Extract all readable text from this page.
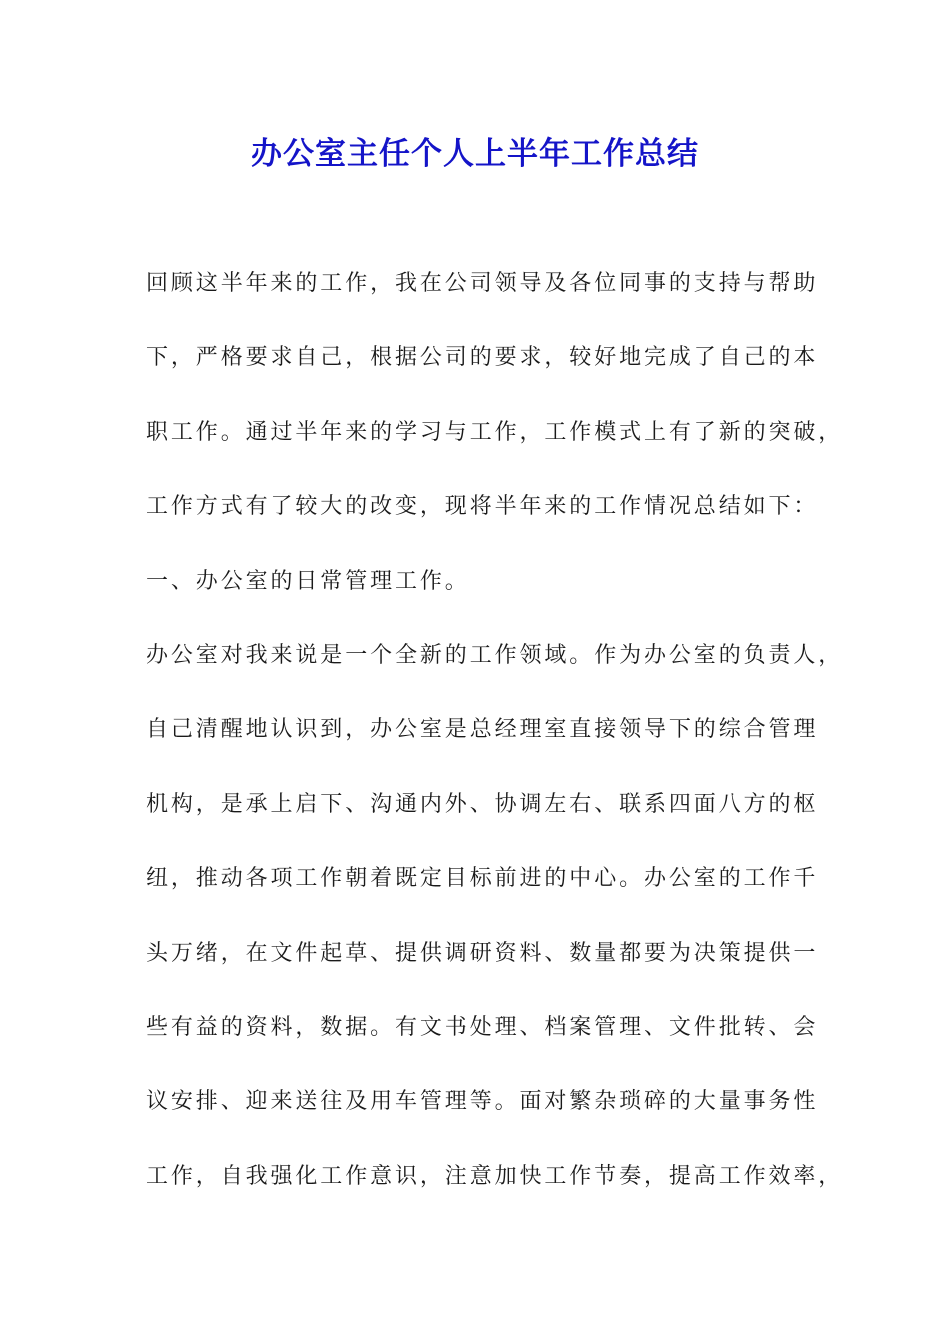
办公室主任个人上半年工作总结

回顾这半年来的工作，我在公司领导及各位同事的支持与帮助

下，严格要求自己，根据公司的要求，较好地完成了自己的本

职工作。通过半年来的学习与工作，工作模式上有了新的突破，

工作方式有了较大的改变，现将半年来的工作情况总结如下：

一、办公室的日常管理工作。

办公室对我来说是一个全新的工作领域。作为办公室的负责人，

自己清醒地认识到，办公室是总经理室直接领导下的综合管理

机构，是承上启下、沟通内外、协调左右、联系四面八方的枢

纽，推动各项工作朝着既定目标前进的中心。办公室的工作千

头万绪，在文件起草、提供调研资料、数量都要为决策提供一

些有益的资料，数据。有文书处理、档案管理、文件批转、会

议安排、迎来送往及用车管理等。面对繁杂琐碎的大量事务性

工作，自我强化工作意识，注意加快工作节奏，提高工作效率，
